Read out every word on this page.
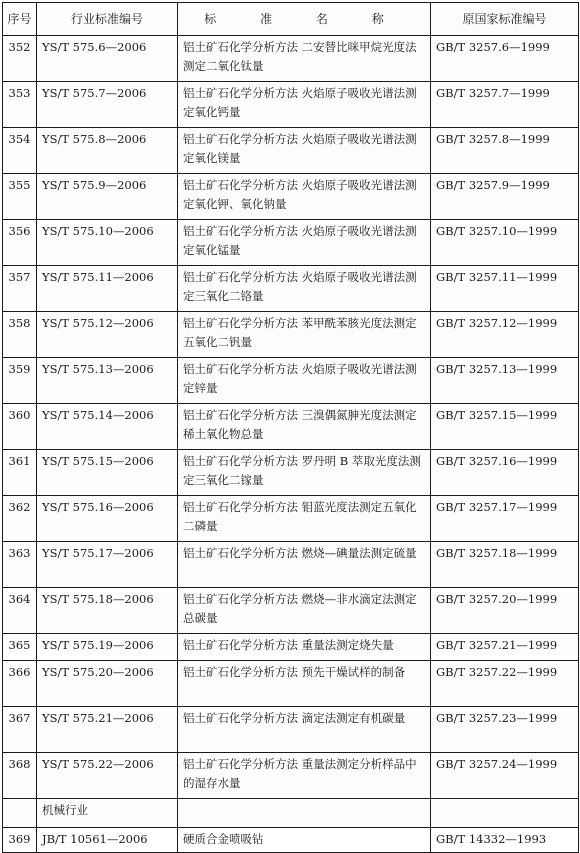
序号	行业标准编号	标 准 名 称	原国家标准编号
352	YS/T 575.6—2006	铝土矿石化学分析方法 二安替比咪甲烷光度法测定二氧化钛量	GB/T 3257.6—1999
353	YS/T 575.7—2006	铝土矿石化学分析方法 火焰原子吸收光谱法测定氧化钙量	GB/T 3257.7—1999
354	YS/T 575.8—2006	铝土矿石化学分析方法 火焰原子吸收光谱法测定氧化镁量	GB/T 3257.8—1999
355	YS/T 575.9—2006	铝土矿石化学分析方法 火焰原子吸收光谱法测定氧化钾、氧化钠量	GB/T 3257.9—1999
356	YS/T 575.10—2006	铝土矿石化学分析方法 火焰原子吸收光谱法测定氧化锰量	GB/T 3257.10—1999
357	YS/T 575.11—2006	铝土矿石化学分析方法 火焰原子吸收光谱法测定三氧化二铬量	GB/T 3257.11—1999
358	YS/T 575.12—2006	铝土矿石化学分析方法 苯甲酰苯胲光度法测定五氧化二钒量	GB/T 3257.12—1999
359	YS/T 575.13—2006	铝土矿石化学分析方法 火焰原子吸收光谱法测定锌量	GB/T 3257.13—1999
360	YS/T 575.14—2006	铝土矿石化学分析方法 三溴偶氮胂光度法测定稀土氧化物总量	GB/T 3257.15—1999
361	YS/T 575.15—2006	铝土矿石化学分析方法 罗丹明 B 萃取光度法测定三氧化二镓量	GB/T 3257.16—1999
362	YS/T 575.16—2006	铝土矿石化学分析方法 钼蓝光度法测定五氧化二磷量	GB/T 3257.17—1999
363	YS/T 575.17—2006	铝土矿石化学分析方法 燃烧—碘量法测定硫量	GB/T 3257.18—1999
364	YS/T 575.18—2006	铝土矿石化学分析方法 燃烧—非水滴定法测定总碳量	GB/T 3257.20—1999
365	YS/T 575.19—2006	铝土矿石化学分析方法 重量法测定烧失量	GB/T 3257.21—1999
366	YS/T 575.20—2006	铝土矿石化学分析方法 预先干燥试样的制备	GB/T 3257.22—1999
367	YS/T 575.21—2006	铝土矿石化学分析方法 滴定法测定有机碳量	GB/T 3257.23—1999
368	YS/T 575.22—2006	铝土矿石化学分析方法 重量法测定分析样品中的湿存水量	GB/T 3257.24—1999
	机械行业		
369	JB/T 10561—2006	硬质合金喷吸钻	GB/T 14332—1993
